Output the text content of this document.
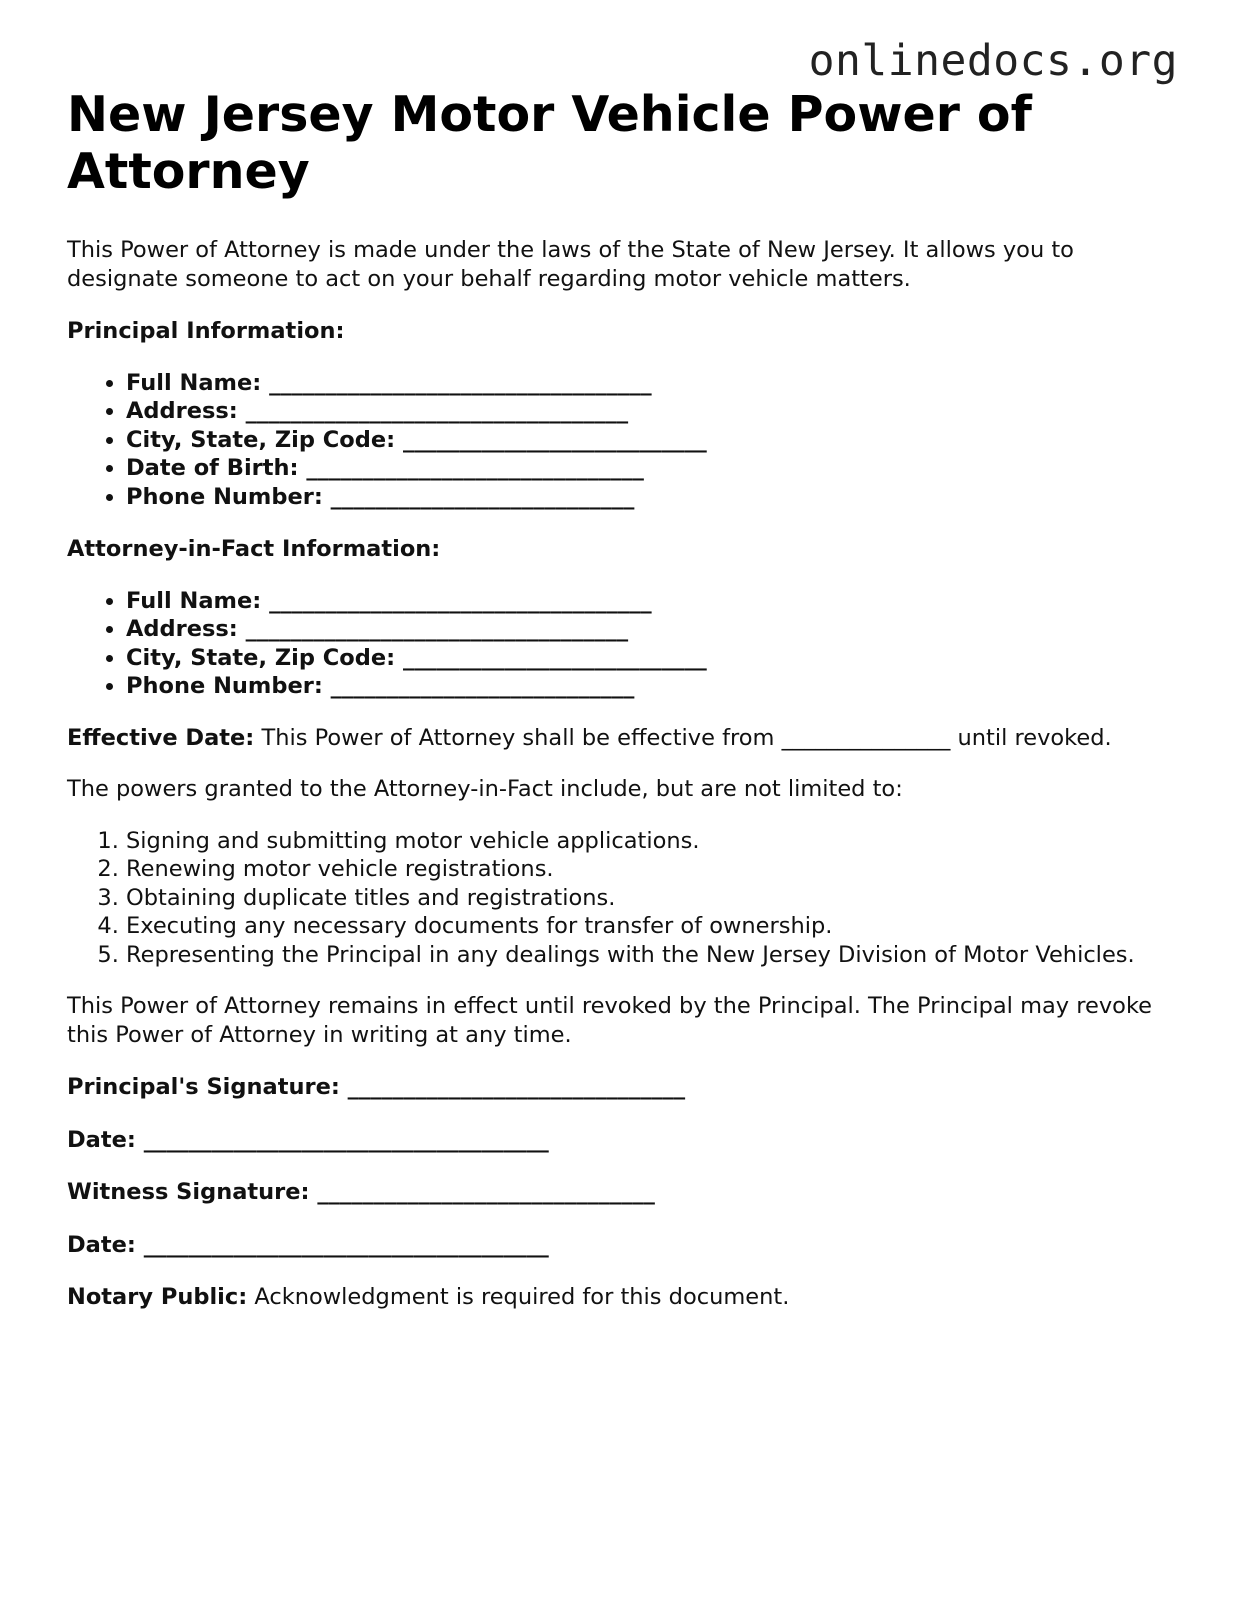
onlinedocs.org
New Jersey Motor Vehicle Power of Attorney

This Power of Attorney is made under the laws of the State of New Jersey. It allows you to designate someone to act on your behalf regarding motor vehicle matters.

Principal Information:

• Full Name: __________________________________
• Address: __________________________________
• City, State, Zip Code: ___________________________
• Date of Birth: ______________________________
• Phone Number: ___________________________

Attorney-in-Fact Information:

• Full Name: __________________________________
• Address: __________________________________
• City, State, Zip Code: ___________________________
• Phone Number: ___________________________

Effective Date: This Power of Attorney shall be effective from _______________ until revoked.

The powers granted to the Attorney-in-Fact include, but are not limited to:

1. Signing and submitting motor vehicle applications.
2. Renewing motor vehicle registrations.
3. Obtaining duplicate titles and registrations.
4. Executing any necessary documents for transfer of ownership.
5. Representing the Principal in any dealings with the New Jersey Division of Motor Vehicles.

This Power of Attorney remains in effect until revoked by the Principal. The Principal may revoke this Power of Attorney in writing at any time.

Principal's Signature: ______________________________

Date: ____________________________________

Witness Signature: ______________________________

Date: ____________________________________

Notary Public: Acknowledgment is required for this document.
